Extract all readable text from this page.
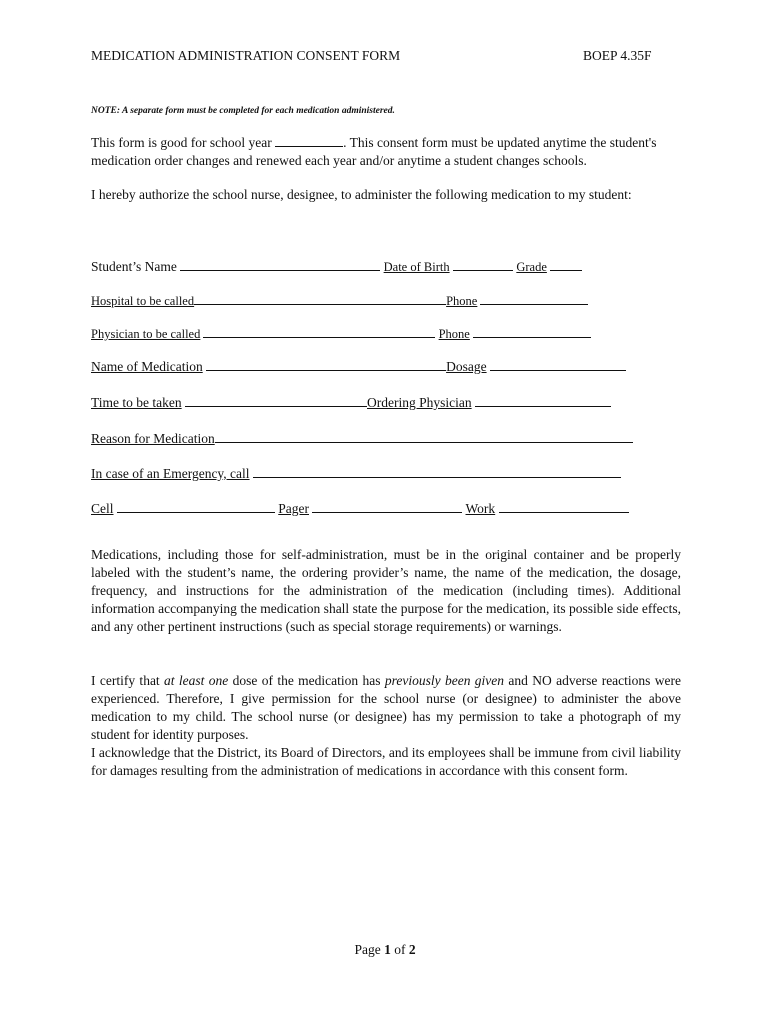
MEDICATION ADMINISTRATION CONSENT FORM	BOEP 4.35F
NOTE: A separate form must be completed for each medication administered.
This form is good for school year	. This consent form must be updated anytime the student's medication order changes and renewed each year and/or anytime a student changes schools.
I hereby authorize the school nurse, designee, to administer the following medication to my student:
Student’s Name	Date of Birth	Grade
Hospital to be called	Phone
Physician to be called	Phone
Name of Medication	Dosage
Time to be taken	Ordering Physician
Reason for Medication
In case of an Emergency, call
Cell	Pager	Work
Medications, including those for self-administration, must be in the original container and be properly labeled with the student’s name, the ordering provider’s name, the name of the medication, the dosage, frequency, and instructions for the administration of the medication (including times). Additional information accompanying the medication shall state the purpose for the medication, its possible side effects, and any other pertinent instructions (such as special storage requirements) or warnings.
I certify that at least one dose of the medication has previously been given and NO adverse reactions were experienced. Therefore, I give permission for the school nurse (or designee) to administer the above medication to my child. The school nurse (or designee) has my permission to take a photograph of my student for identity purposes.
I acknowledge that the District, its Board of Directors, and its employees shall be immune from civil liability for damages resulting from the administration of medications in accordance with this consent form.
Page 1 of 2
